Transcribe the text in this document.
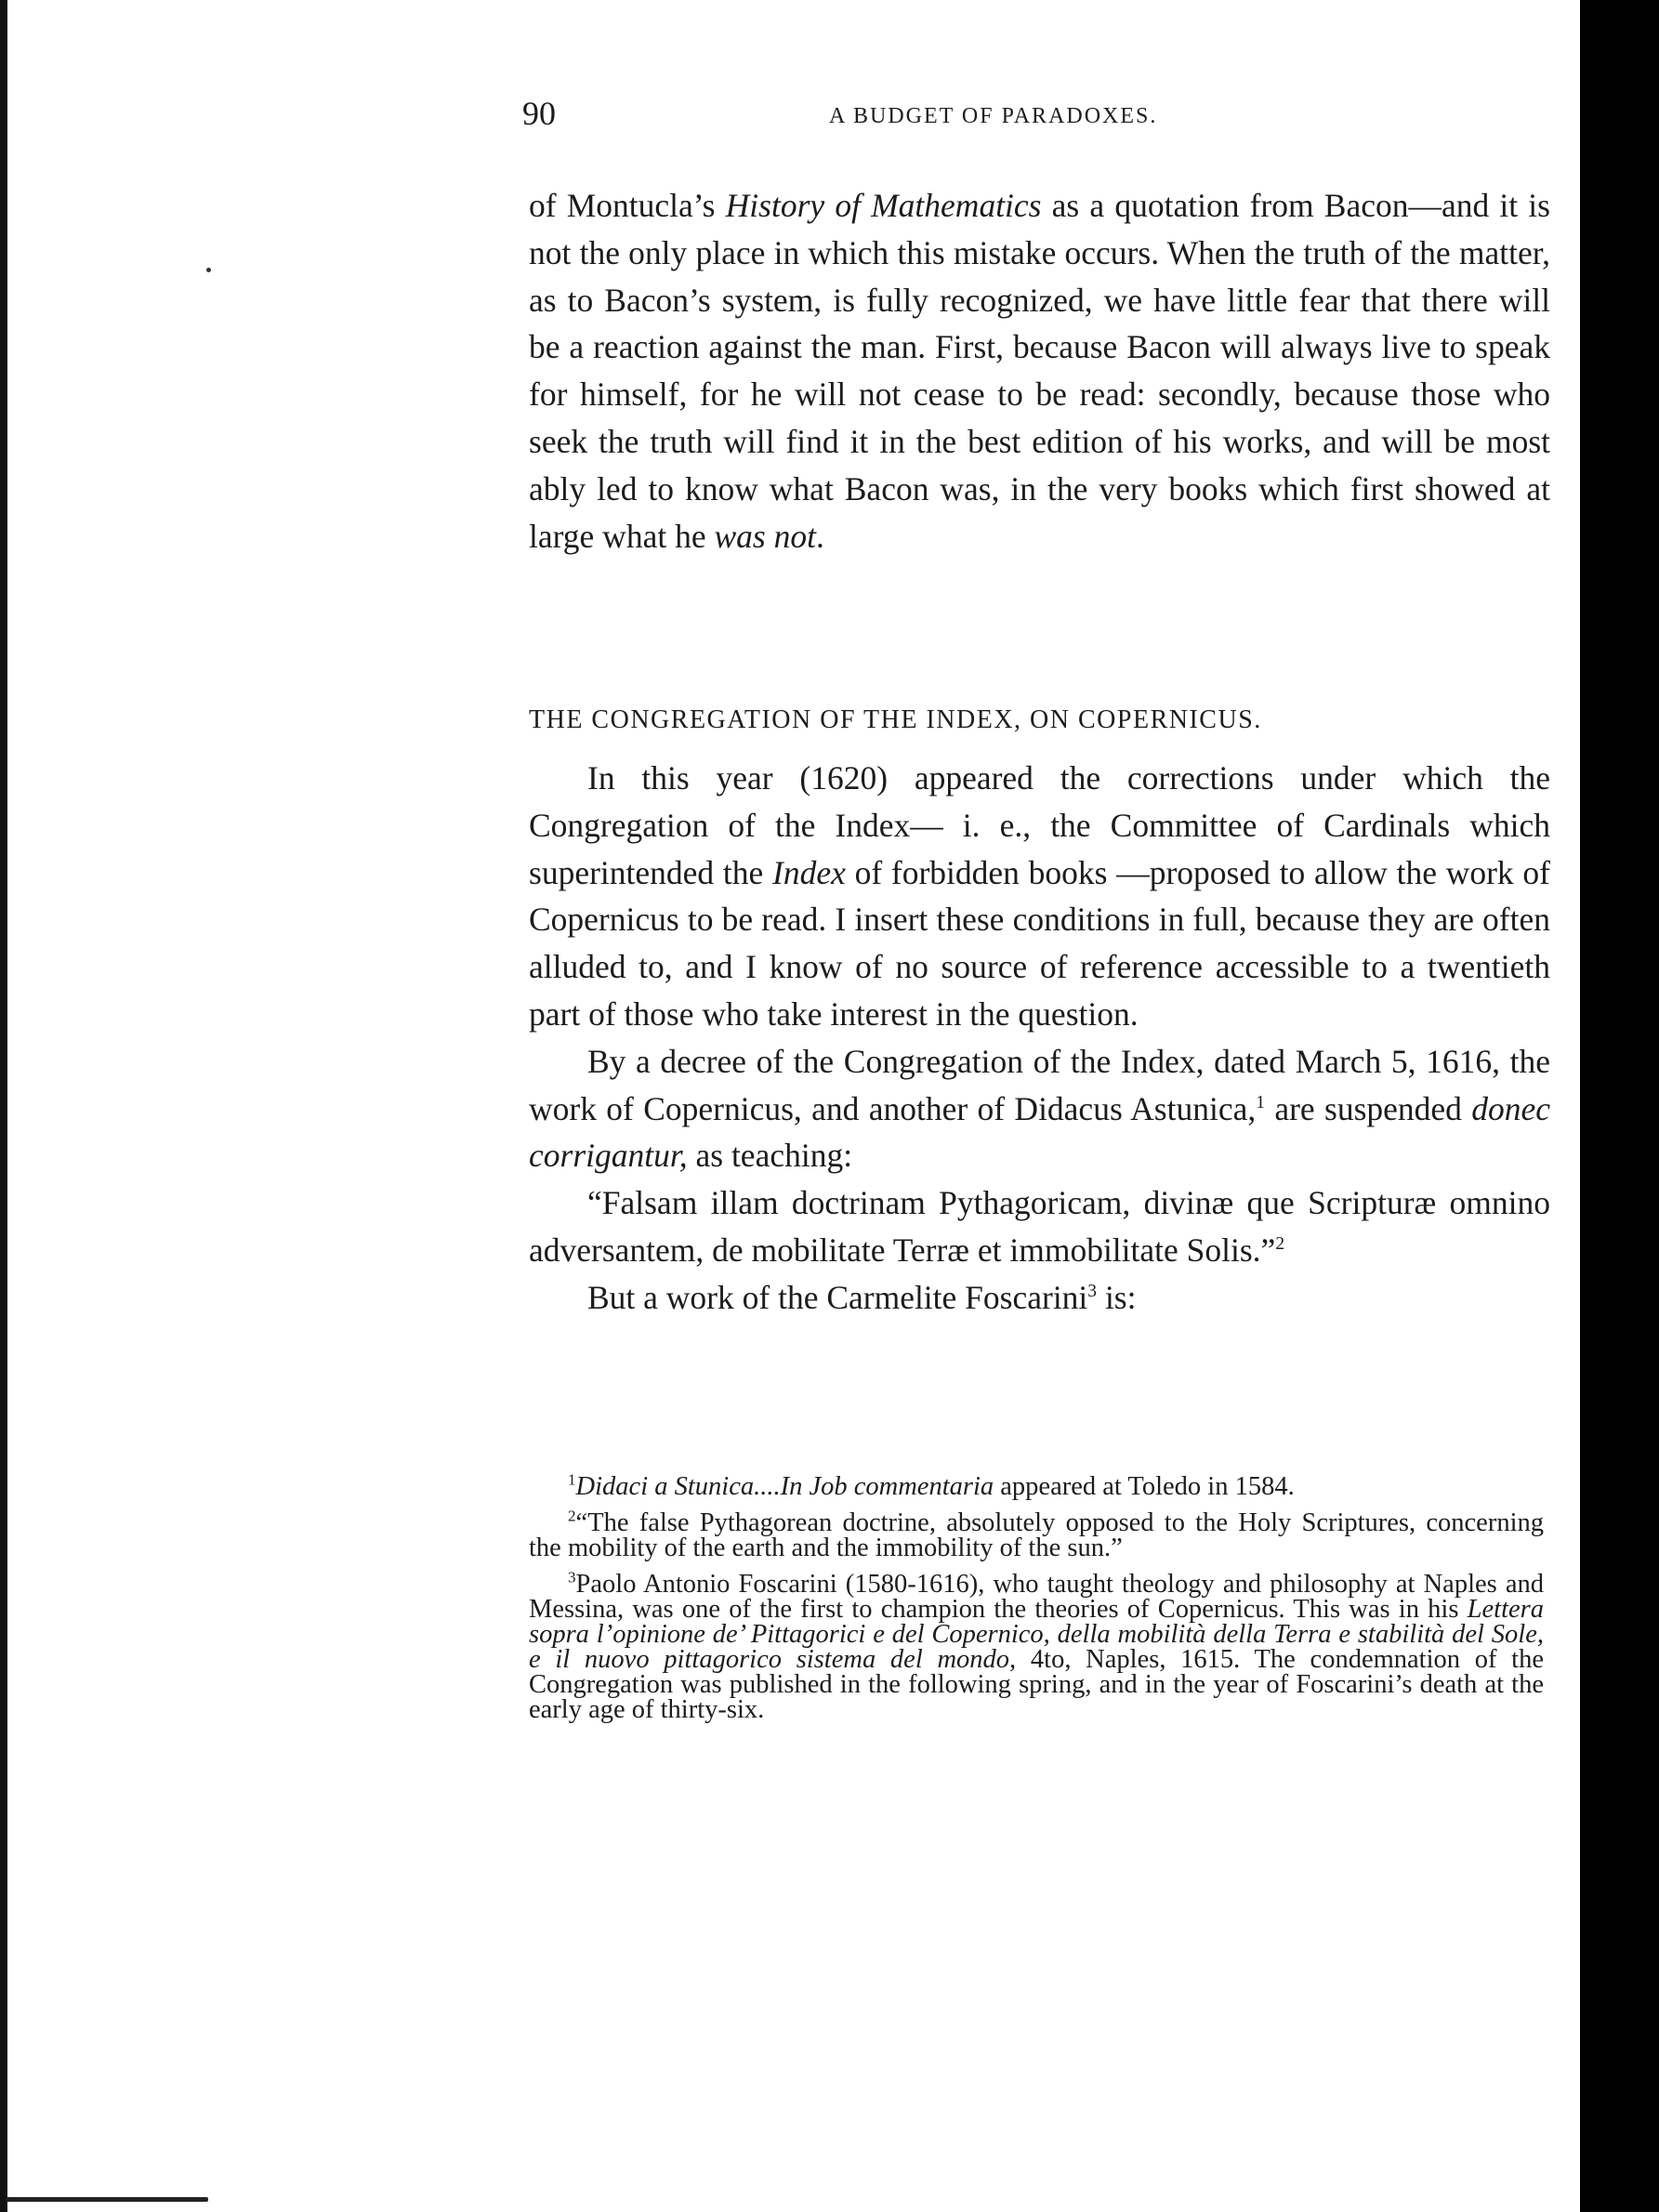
90	A BUDGET OF PARADOXES.

of Montucla’s History of Mathematics as a quotation from Bacon—and it is not the only place in which this mistake occurs. When the truth of the matter, as to Bacon’s system, is fully recognized, we have little fear that there will be a reaction against the man. First, because Bacon will always live to speak for himself, for he will not cease to be read: secondly, because those who seek the truth will find it in the best edition of his works, and will be most ably led to know what Bacon was, in the very books which first showed at large what he was not.

THE CONGREGATION OF THE INDEX, ON COPERNICUS.

In this year (1620) appeared the corrections under which the Congregation of the Index— i. e., the Committee of Cardinals which superintended the Index of forbidden books —proposed to allow the work of Copernicus to be read. I insert these conditions in full, because they are often alluded to, and I know of no source of reference accessible to a twentieth part of those who take interest in the question.

By a decree of the Congregation of the Index, dated March 5, 1616, the work of Copernicus, and another of Didacus Astunica,$^1$ are suspended donec corrigantur, as teaching:

“Falsam illam doctrinam Pythagoricam, divinæ que Scripturæ omnino adversantem, de mobilitate Terræ et immobilitate Solis.”$^2$

But a work of the Carmelite Foscarini$^3$ is:

$^1$Didaci a Stunica....In Job commentaria appeared at Toledo in 1584.

$^2$“The false Pythagorean doctrine, absolutely opposed to the Holy Scriptures, concerning the mobility of the earth and the immobility of the sun.”

$^3$Paolo Antonio Foscarini (1580-1616), who taught theology and philosophy at Naples and Messina, was one of the first to champion the theories of Copernicus. This was in his Lettera sopra l’opinione de’ Pittagorici e del Copernico, della mobilità della Terra e stabilità del Sole, e il nuovo pittagorico sistema del mondo, 4to, Naples, 1615. The condemnation of the Congregation was published in the following spring, and in the year of Foscarini’s death at the early age of thirty-six.
